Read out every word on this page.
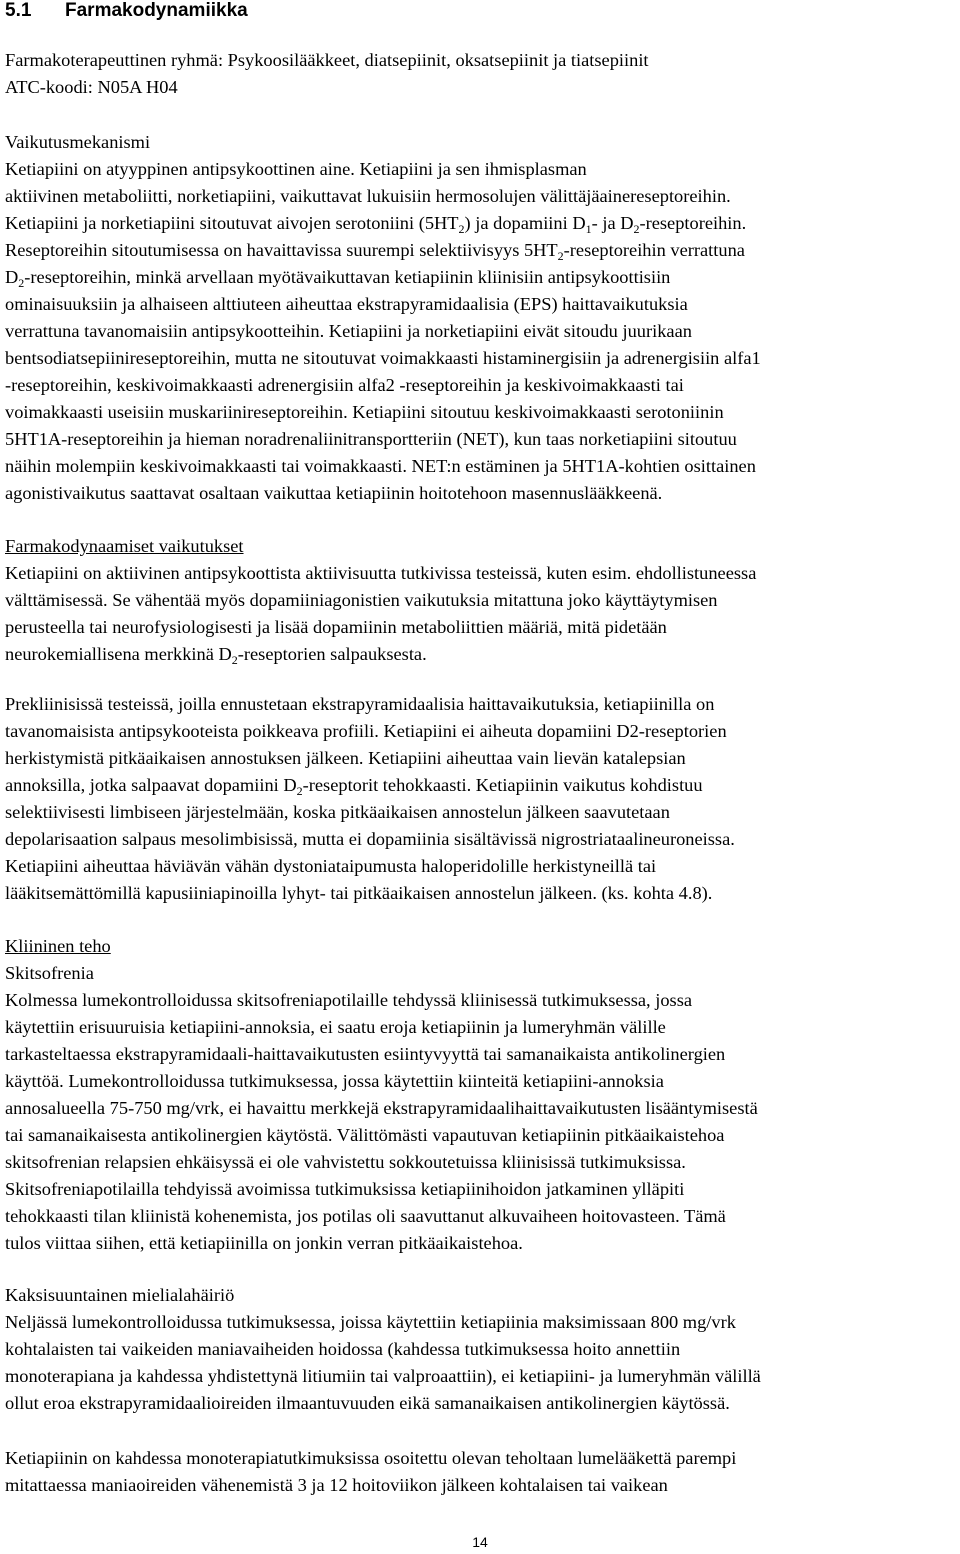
5.1	Farmakodynamiikka
Farmakoterapeuttinen ryhmä: Psykoosilääkkeet, diatsepiinit, oksatsepiinit ja tiatsepiinit
ATC-koodi: N05A H04
Vaikutusmekanismi
Ketiapiini on atyyppinen antipsykoottinen aine. Ketiapiini ja sen ihmisplasman
aktiivinen metaboliitti, norketiapiini, vaikuttavat lukuisiin hermosolujen välittäjäainereseptoreihin.
Ketiapiini ja norketiapiini sitoutuvat aivojen serotoniini $(5HT_2)$ ja dopamiini $D_1-$ ja $D_2$-reseptoreihin.
Reseptoreihin sitoutumisessa on havaittavissa suurempi selektiivisyys $5HT_2$-reseptoreihin verrattuna
$D_2$-reseptoreihin, minkä arvellaan myötävaikuttavan ketiapiinin kliinisiin antipsykoottisiin
ominaisuuksiin ja alhaiseen alttiuteen aiheuttaa ekstrapyramidaalisia (EPS) haittavaikutuksia
verrattuna tavanomaisiin antipsykootteihin. Ketiapiini ja norketiapiini eivät sitoudu juurikaan
bentsodiatsepiinireseptoreihin, mutta ne sitoutuvat voimakkaasti histaminergisiin ja adrenergisiin alfa1
-reseptoreihin, keskivoimakkaasti adrenergisiin alfa2 -reseptoreihin ja keskivoimakkaasti tai
voimakkaasti useisiin muskariinireseptoreihin. Ketiapiini sitoutuu keskivoimakkaasti serotoniinin
5HT1A-reseptoreihin ja hieman noradrenaliinitransportteriin (NET), kun taas norketiapiini sitoutuu
näihin molempiin keskivoimakkaasti tai voimakkaasti. NET:n estäminen ja 5HT1A-kohtien osittainen
agonistivaikutus saattavat osaltaan vaikuttaa ketiapiinin hoitotehoon masennuslääkkeenä.
Farmakodynaamiset vaikutukset
Ketiapiini on aktiivinen antipsykoottista aktiivisuutta tutkivissa testeissä, kuten esim. ehdollistuneessa
välttämisessä. Se vähentää myös dopamiiniagonistien vaikutuksia mitattuna joko käyttäytymisen
perusteella tai neurofysiologisesti ja lisää dopamiinin metaboliittien määriä, mitä pidetään
neurokemiallisena merkkinä $D_2$-reseptorien salpauksesta.
Prekliinisissä testeissä, joilla ennustetaan ekstrapyramidaalisia haittavaikutuksia, ketiapiinilla on
tavanomaisista antipsykooteista poikkeava profiili. Ketiapiini ei aiheuta dopamiini D2-reseptorien
herkistymistä pitkäaikaisen annostuksen jälkeen. Ketiapiini aiheuttaa vain lievän katalepsian
annoksilla, jotka salpaavat dopamiini $D_2$-reseptorit tehokkaasti. Ketiapiinin vaikutus kohdistuu
selektiivisesti limbiseen järjestelmään, koska pitkäaikaisen annostelun jälkeen saavutetaan
depolarisaation salpaus mesolimbisissä, mutta ei dopamiinia sisältävissä nigrostriataalineuroneissa.
Ketiapiini aiheuttaa häviävän vähän dystoniataipumusta haloperidolille herkistyneillä tai
lääkitsemättömillä kapusiiniapinoilla lyhyt- tai pitkäaikaisen annostelun jälkeen. (ks. kohta 4.8).
Kliininen teho
Skitsofrenia
Kolmessa lumekontrolloidussa skitsofreniapotilaille tehdyssä kliinisessä tutkimuksessa, jossa
käytettiin erisuuruisia ketiapiini-annoksia, ei saatu eroja ketiapiinin ja lumeryhmän välille
tarkasteltaessa ekstrapyramidaali-haittavaikutusten esiintyvyyttä tai samanaikaista antikolinergien
käyttöä. Lumekontrolloidussa tutkimuksessa, jossa käytettiin kiinteitä ketiapiini-annoksia
annosalueella 75-750 mg/vrk, ei havaittu merkkejä ekstrapyramidaalihaittavaikutusten lisääntymisestä
tai samanaikaisesta antikolinergien käytöstä. Välittömästi vapautuvan ketiapiinin pitkäaikaistehoa
skitsofrenian relapsien ehkäisyssä ei ole vahvistettu sokkoutetuissa kliinisissä tutkimuksissa.
Skitsofreniapotilailla tehdyissä avoimissa tutkimuksissa ketiapiinihoidon jatkaminen ylläpiti
tehokkaasti tilan kliinistä kohenemista, jos potilas oli saavuttanut alkuvaiheen hoitovasteen. Tämä
tulos viittaa siihen, että ketiapiinilla on jonkin verran pitkäaikaistehoa.
Kaksisuuntainen mielialahäiriö
Neljässä lumekontrolloidussa tutkimuksessa, joissa käytettiin ketiapiinia maksimissaan 800 mg/vrk
kohtalaisten tai vaikeiden maniavaiheiden hoidossa (kahdessa tutkimuksessa hoito annettiin
monoterapiana ja kahdessa yhdistettynä litiumiin tai valproaattiin), ei ketiapiini- ja lumeryhmän välillä
ollut eroa ekstrapyramidaalioireiden ilmaantuvuuden eikä samanaikaisen antikolinergien käytössä.
Ketiapiinin on kahdessa monoterapiatutkimuksissa osoitettu olevan teholtaan lumelääkettä parempi
mitattaessa maniaoireiden vähenemistä 3 ja 12 hoitoviikon jälkeen kohtalaisen tai vaikean
14
